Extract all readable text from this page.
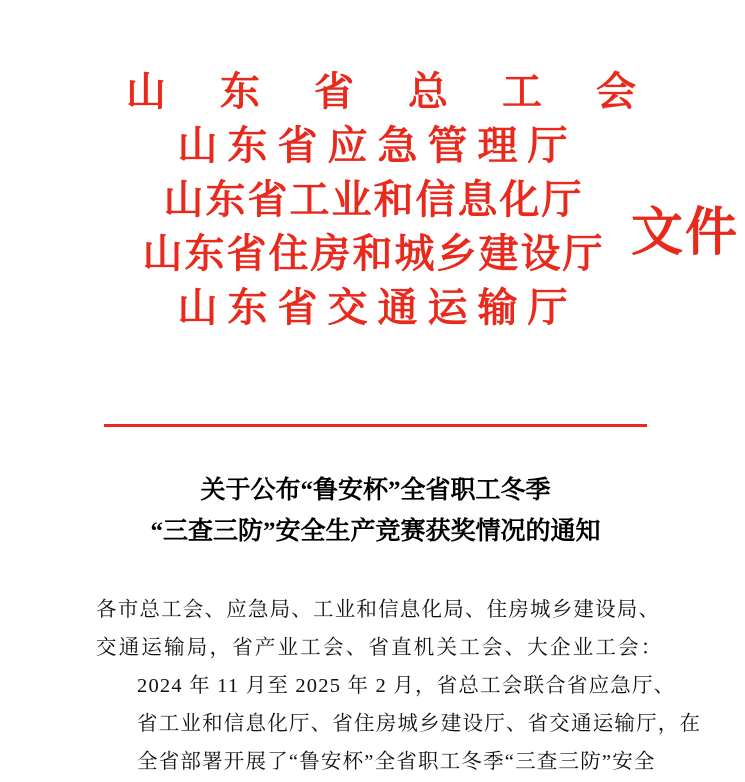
山 东 省 总 工 会
山东省应急管理厅
山东省工业和信息化厅
山东省住房和城乡建设厅
山东省交通运输厅
文件
关于公布“鲁安杯”全省职工冬季
“三查三防”安全生产竞赛获奖情况的通知

各市总工会、应急局、工业和信息化局、住房城乡建设局、
交通运输局，省产业工会、省直机关工会、大企业工会：

2024 年 11 月至 2025 年 2 月，省总工会联合省应急厅、
省工业和信息化厅、省住房城乡建设厅、省交通运输厅，在
全省部署开展了“鲁安杯”全省职工冬季“三查三防”安全
